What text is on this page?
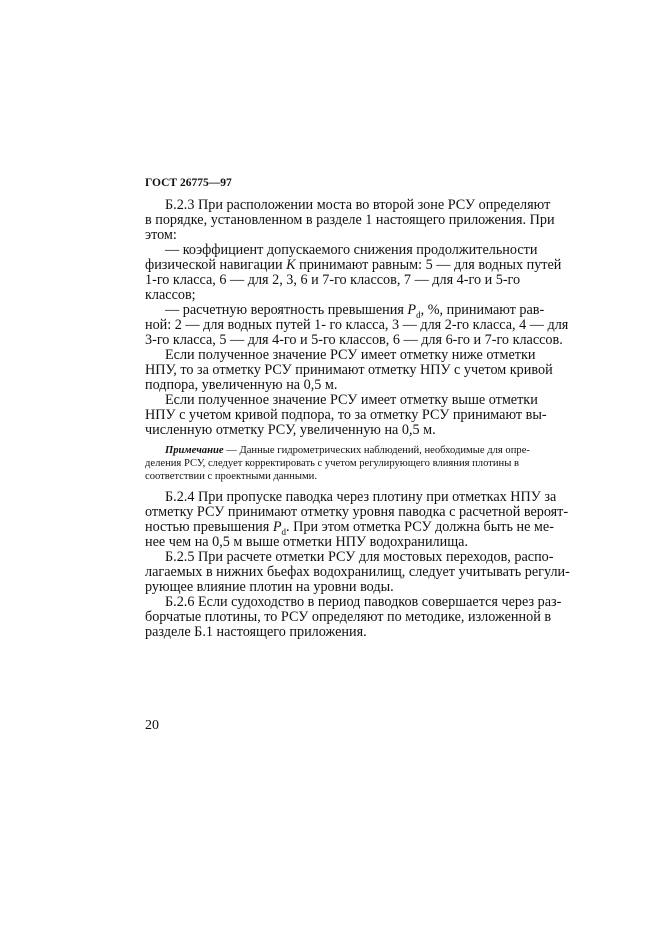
ГОСТ 26775—97
Б.2.3 При расположении моста во второй зоне РСУ определяют
в порядке, установленном в разделе 1 настоящего приложения. При
этом:
— коэффициент допускаемого снижения продолжительности
физической навигации K принимают равным: 5 — для водных путей
1-го класса, 6 — для 2, 3, 6 и 7-го классов, 7 — для 4-го и 5-го
классов;
— расчетную вероятность превышения $P_d$, %, принимают рав-
ной: 2 — для водных путей 1- го класса, 3 — для 2-го класса, 4 — для
3-го класса, 5 — для 4-го и 5-го классов, 6 — для 6-го и 7-го классов.
Если полученное значение РСУ имеет отметку ниже отметки
НПУ, то за отметку РСУ принимают отметку НПУ с учетом кривой
подпора, увеличенную на 0,5 м.
Если полученное значение РСУ имеет отметку выше отметки
НПУ с учетом кривой подпора, то за отметку РСУ принимают вы-
численную отметку РСУ, увеличенную на 0,5 м.
Примечание — Данные гидрометрических наблюдений, необходимые для опре-
деления РСУ, следует корректировать с учетом регулирующего влияния плотины в
соответствии с проектными данными.
Б.2.4 При пропуске паводка через плотину при отметках НПУ за
отметку РСУ принимают отметку уровня паводка с расчетной вероят-
ностью превышения $P_d$. При этом отметка РСУ должна быть не ме-
нее чем на 0,5 м выше отметки НПУ водохранилища.
Б.2.5 При расчете отметки РСУ для мостовых переходов, распо-
лагаемых в нижних бьефах водохранилищ, следует учитывать регули-
рующее влияние плотин на уровни воды.
Б.2.6 Если судоходство в период паводков совершается через раз-
борчатые плотины, то РСУ определяют по методике, изложенной в
разделе Б.1 настоящего приложения.
20
